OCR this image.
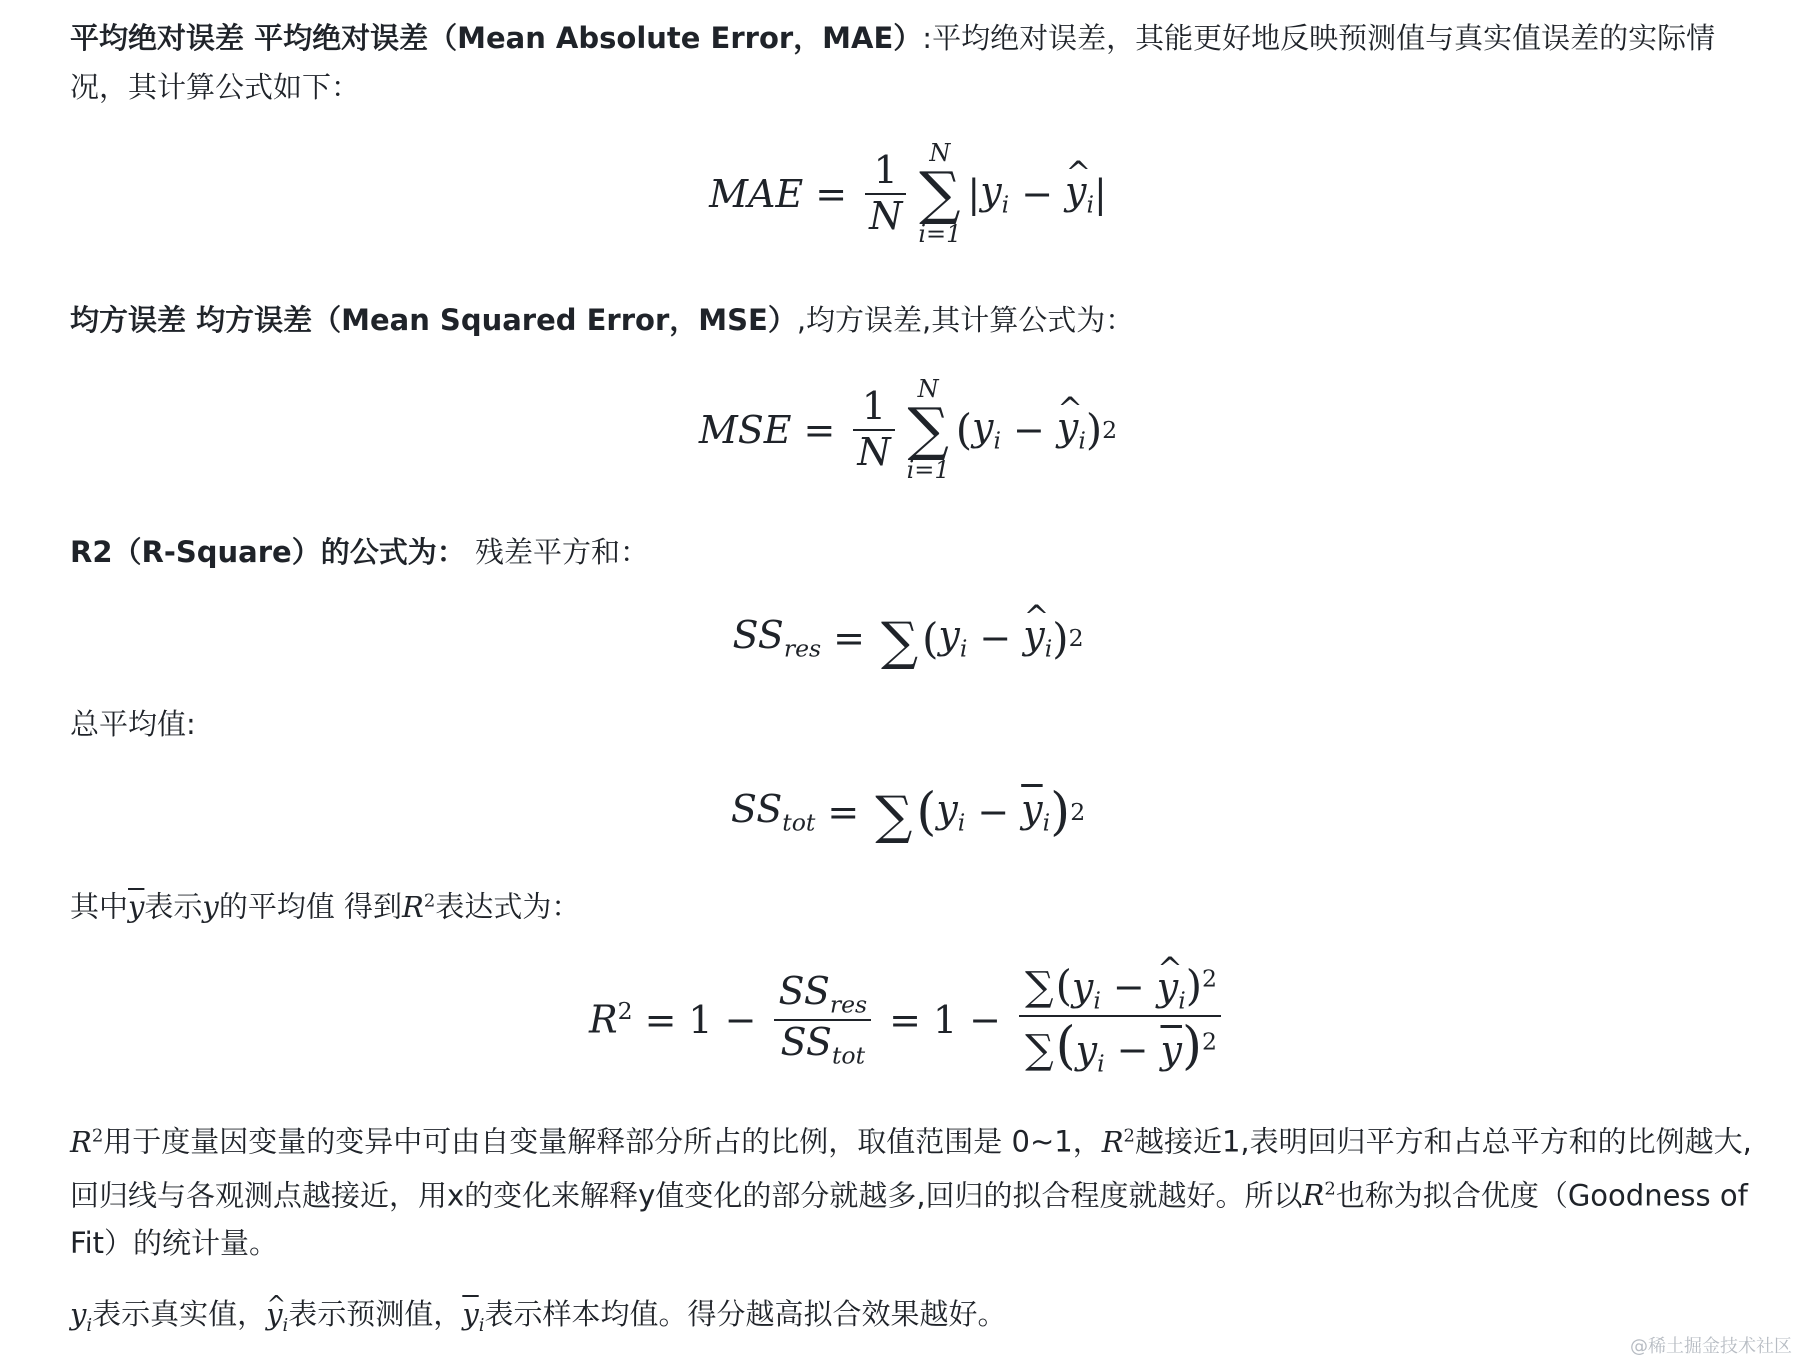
平均绝对误差 平均绝对误差（Mean Absolute Error，MAE）:平均绝对误差，其能更好地反映预测值与真实值误差的实际情况，其计算公式如下：

MAE = $\frac{1}{N}$ N
∑
i=1
| $y_i$ − ^ $y_i$ |

均方误差 均方误差（Mean Squared Error，MSE）,均方误差,其计算公式为：

MSE = $\frac{1}{N}$ N
∑
i=1
( $y_i$ − ^ $y_i$ ) 2

R2（R-Square）的公式为： 残差平方和：

$SS_{res}$ = ∑ ( $y_i$ − ^ $y_i$ ) 2

总平均值:

$SS_{tot}$ = ∑ ( $y_i - \overline{y}_i$ ) 2

其中$\overline{y}$表示y的平均值 得到$R^2$表达式为：

$R^2 = 1 - \frac{SS_{res}}{SS_{tot}} = 1 - \frac{\sum(y_i - \^{} y_i)^2}{\sum(y_i - \overline{y})^2}$

$R^2$用于度量因变量的变异中可由自变量解释部分所占的比例，取值范围是 0~1，$R^2$越接近1,表明回归平方和占总平方和的比例越大,回归线与各观测点越接近，用x的变化来解释y值变化的部分就越多,回归的拟合程度就越好。所以$R^2$也称为拟合优度（Goodness of Fit）的统计量。

$y_i$表示真实值，^ $y_i$表示预测值，$\overline{y}_i$表示样本均值。得分越高拟合效果越好。

@稀土掘金技术社区
